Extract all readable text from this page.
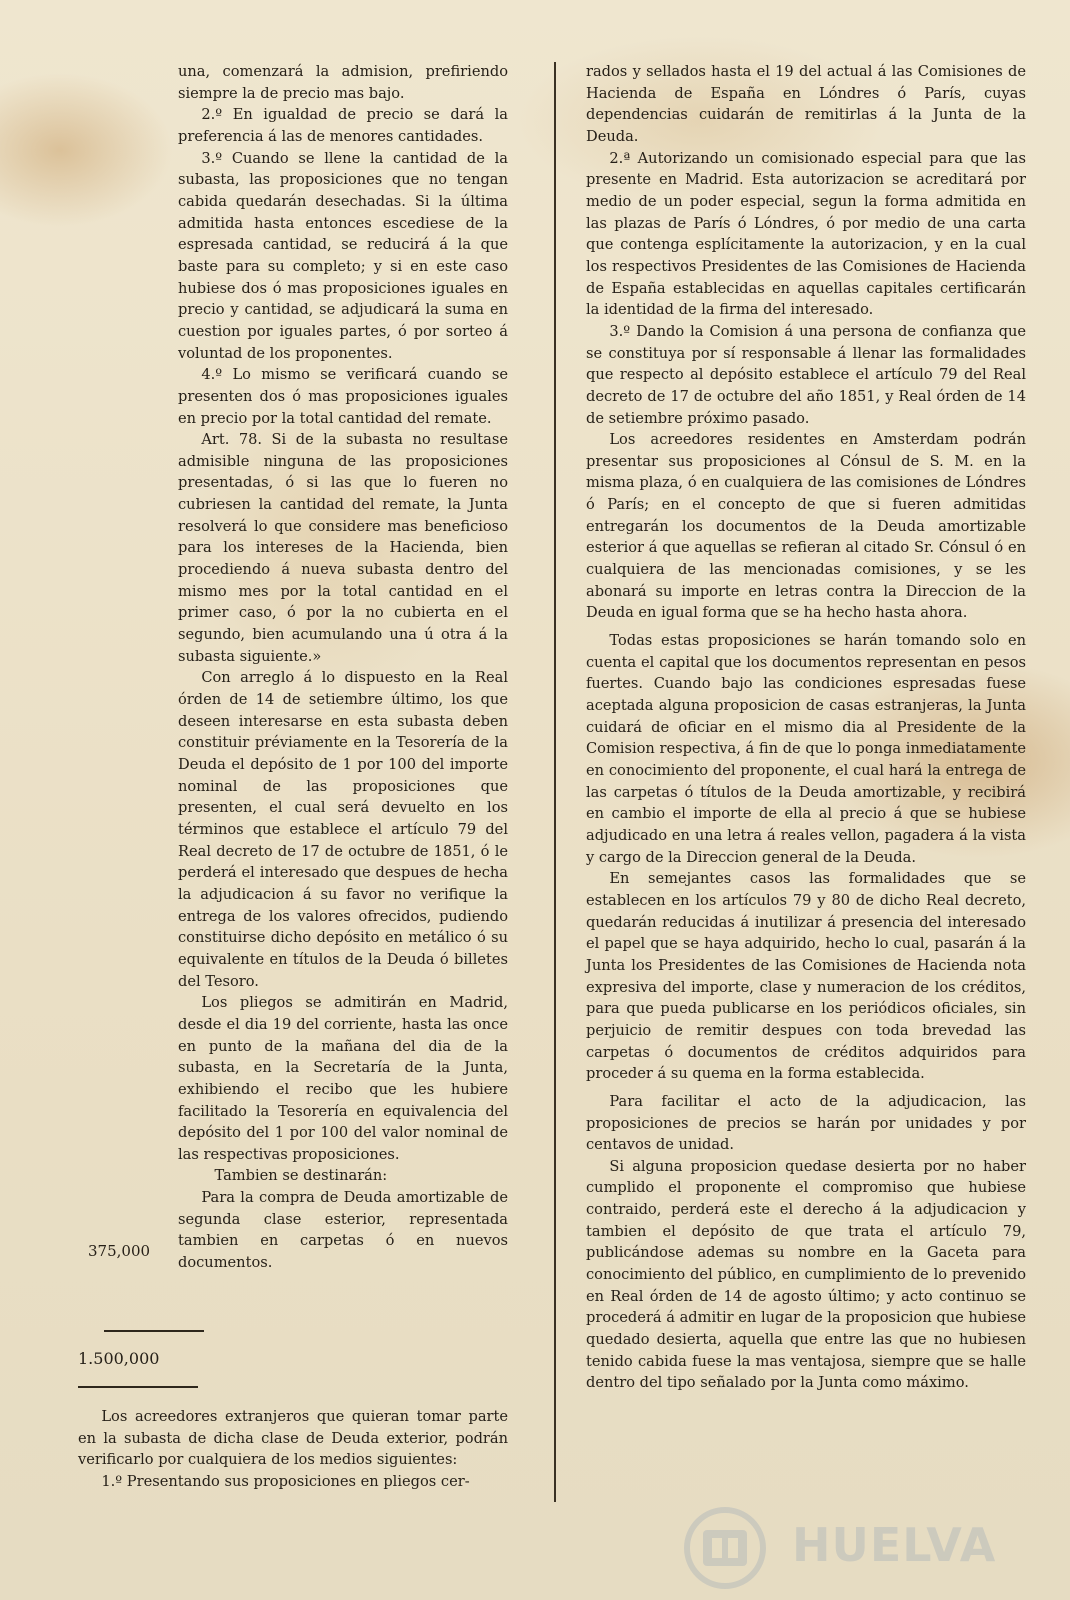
una, comenzará la admision, prefiriendo siempre la de precio mas bajo.

2.º En igualdad de precio se dará la preferencia á las de menores cantidades.

3.º Cuando se llene la cantidad de la subasta, las proposiciones que no tengan cabida quedarán desechadas. Si la última admitida hasta entonces escediese de la espresada cantidad, se reducirá á la que baste para su completo; y si en este caso hubiese dos ó mas proposiciones iguales en precio y cantidad, se adjudicará la suma en cuestion por iguales partes, ó por sorteo á voluntad de los proponentes.

4.º Lo mismo se verificará cuando se presenten dos ó mas proposiciones iguales en precio por la total cantidad del remate.

Art. 78. Si de la subasta no resultase admisible ninguna de las proposiciones presentadas, ó si las que lo fueren no cubriesen la cantidad del remate, la Junta resolverá lo que considere mas beneficioso para los intereses de la Hacienda, bien procediendo á nueva subasta dentro del mismo mes por la total cantidad en el primer caso, ó por la no cubierta en el segundo, bien acumulando una ú otra á la subasta siguiente.»

Con arreglo á lo dispuesto en la Real órden de 14 de setiembre último, los que deseen interesarse en esta subasta deben constituir préviamente en la Tesorería de la Deuda el depósito de 1 por 100 del importe nominal de las proposiciones que presenten, el cual será devuelto en los términos que establece el artículo 79 del Real decreto de 17 de octubre de 1851, ó le perderá el interesado que despues de hecha la adjudicacion á su favor no verifique la entrega de los valores ofrecidos, pudiendo constituirse dicho depósito en metálico ó su equivalente en títulos de la Deuda ó billetes del Tesoro.

Los pliegos se admitirán en Madrid, desde el dia 19 del corriente, hasta las once en punto de la mañana del dia de la subasta, en la Secretaría de la Junta, exhibiendo el recibo que les hubiere facilitado la Tesorería en equivalencia del depósito del 1 por 100 del valor nominal de las respectivas proposiciones.

Tambien se destinarán:

Para la compra de Deuda amortizable de segunda clase esterior, representada tambien en carpetas ó en nuevos documentos.

375,000
1.500,000

Los acreedores extranjeros que quieran tomar parte en la subasta de dicha clase de Deuda exterior, podrán verificarlo por cualquiera de los medios siguientes:

1.º Presentando sus proposiciones en pliegos cer-

rados y sellados hasta el 19 del actual á las Comisiones de Hacienda de España en Lóndres ó París, cuyas dependencias cuidarán de remitirlas á la Junta de la Deuda.

2.ª Autorizando un comisionado especial para que las presente en Madrid. Esta autorizacion se acreditará por medio de un poder especial, segun la forma admitida en las plazas de París ó Lóndres, ó por medio de una carta que contenga esplícitamente la autorizacion, y en la cual los respectivos Presidentes de las Comisiones de Hacienda de España establecidas en aquellas capitales certificarán la identidad de la firma del interesado.

3.º Dando la Comision á una persona de confianza que se constituya por sí responsable á llenar las formalidades que respecto al depósito establece el artículo 79 del Real decreto de 17 de octubre del año 1851, y Real órden de 14 de setiembre próximo pasado.

Los acreedores residentes en Amsterdam podrán presentar sus proposiciones al Cónsul de S. M. en la misma plaza, ó en cualquiera de las comisiones de Lóndres ó París; en el concepto de que si fueren admitidas entregarán los documentos de la Deuda amortizable esterior á que aquellas se refieran al citado Sr. Cónsul ó en cualquiera de las mencionadas comisiones, y se les abonará su importe en letras contra la Direccion de la Deuda en igual forma que se ha hecho hasta ahora.

Todas estas proposiciones se harán tomando solo en cuenta el capital que los documentos representan en pesos fuertes. Cuando bajo las condiciones espresadas fuese aceptada alguna proposicion de casas estranjeras, la Junta cuidará de oficiar en el mismo dia al Presidente de la Comision respectiva, á fin de que lo ponga inmediatamente en conocimiento del proponente, el cual hará la entrega de las carpetas ó títulos de la Deuda amortizable, y recibirá en cambio el importe de ella al precio á que se hubiese adjudicado en una letra á reales vellon, pagadera á la vista y cargo de la Direccion general de la Deuda.

En semejantes casos las formalidades que se establecen en los artículos 79 y 80 de dicho Real decreto, quedarán reducidas á inutilizar á presencia del interesado el papel que se haya adquirido, hecho lo cual, pasarán á la Junta los Presidentes de las Comisiones de Hacienda nota expresiva del importe, clase y numeracion de los créditos, para que pueda publicarse en los periódicos oficiales, sin perjuicio de remitir despues con toda brevedad las carpetas ó documentos de créditos adquiridos para proceder á su quema en la forma establecida.

Para facilitar el acto de la adjudicacion, las proposiciones de precios se harán por unidades y por centavos de unidad.

Si alguna proposicion quedase desierta por no haber cumplido el proponente el compromiso que hubiese contraido, perderá este el derecho á la adjudicacion y tambien el depósito de que trata el artículo 79, publicándose ademas su nombre en la Gaceta para conocimiento del público, en cumplimiento de lo prevenido en Real órden de 14 de agosto último; y acto continuo se procederá á admitir en lugar de la proposicion que hubiese quedado desierta, aquella que entre las que no hubiesen tenido cabida fuese la mas ventajosa, siempre que se halle dentro del tipo señalado por la Junta como máximo.

HUELVA
